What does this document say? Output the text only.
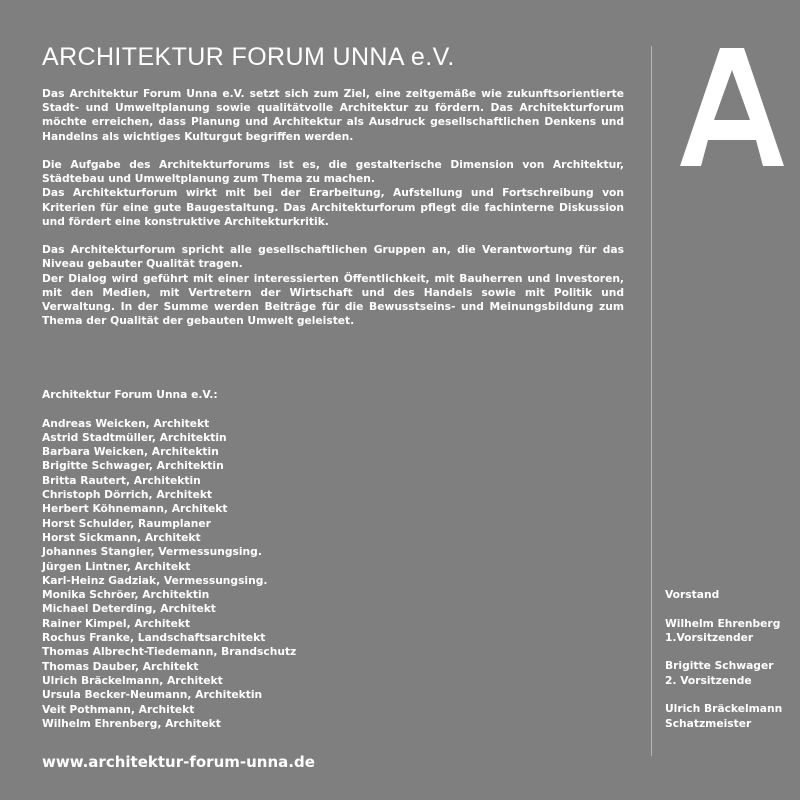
ARCHITEKTUR FORUM UNNA e.V.

Das Architektur Forum Unna e.V. setzt sich zum Ziel, eine zeitgemäße wie zukunftsorientierte Stadt- und Umweltplanung sowie qualitätvolle Architektur zu fördern. Das Architekturforum möchte erreichen, dass Planung und Architektur als Ausdruck gesellschaftlichen Denkens und Handelns als wichtiges Kulturgut begriffen werden.

Die Aufgabe des Architekturforums ist es, die gestalterische Dimension von Architektur, Städtebau und Umweltplanung zum Thema zu machen.

Das Architekturforum wirkt mit bei der Erarbeitung, Aufstellung und Fortschreibung von Kriterien für eine gute Baugestaltung. Das Architekturforum pflegt die fachinterne Diskussion und fördert eine konstruktive Architekturkritik.

Das Architekturforum spricht alle gesellschaftlichen Gruppen an, die Verantwortung für das Niveau gebauter Qualität tragen.

Der Dialog wird geführt mit einer interessierten Öffentlichkeit, mit Bauherren und Investoren, mit den Medien, mit Vertretern der Wirtschaft und des Handels sowie mit Politik und Verwaltung. In der Summe werden Beiträge für die Bewusstseins- und Meinungsbildung zum Thema der Qualität der gebauten Umwelt geleistet.

Architektur Forum Unna e.V.:
Andreas Weicken, Architekt
Astrid Stadtmüller, Architektin
Barbara Weicken, Architektin
Brigitte Schwager, Architektin
Britta Rautert, Architektin
Christoph Dörrich, Architekt
Herbert Köhnemann, Architekt
Horst Schulder, Raumplaner
Horst Sickmann, Architekt
Johannes Stangier, Vermessungsing.
Jürgen Lintner, Architekt
Karl-Heinz Gadziak, Vermessungsing.
Monika Schröer, Architektin
Michael Deterding, Architekt
Rainer Kimpel, Architekt
Rochus Franke, Landschaftsarchitekt
Thomas Albrecht-Tiedemann, Brandschutz
Thomas Dauber, Architekt
Ulrich Bräckelmann, Architekt
Ursula Becker-Neumann, Architektin
Veit Pothmann, Architekt
Wilhelm Ehrenberg, Architekt
Vorstand
Wilhelm Ehrenberg
1.Vorsitzender
Brigitte Schwager
2. Vorsitzende
Ulrich Bräckelmann
Schatzmeister
www.architektur-forum-unna.de
